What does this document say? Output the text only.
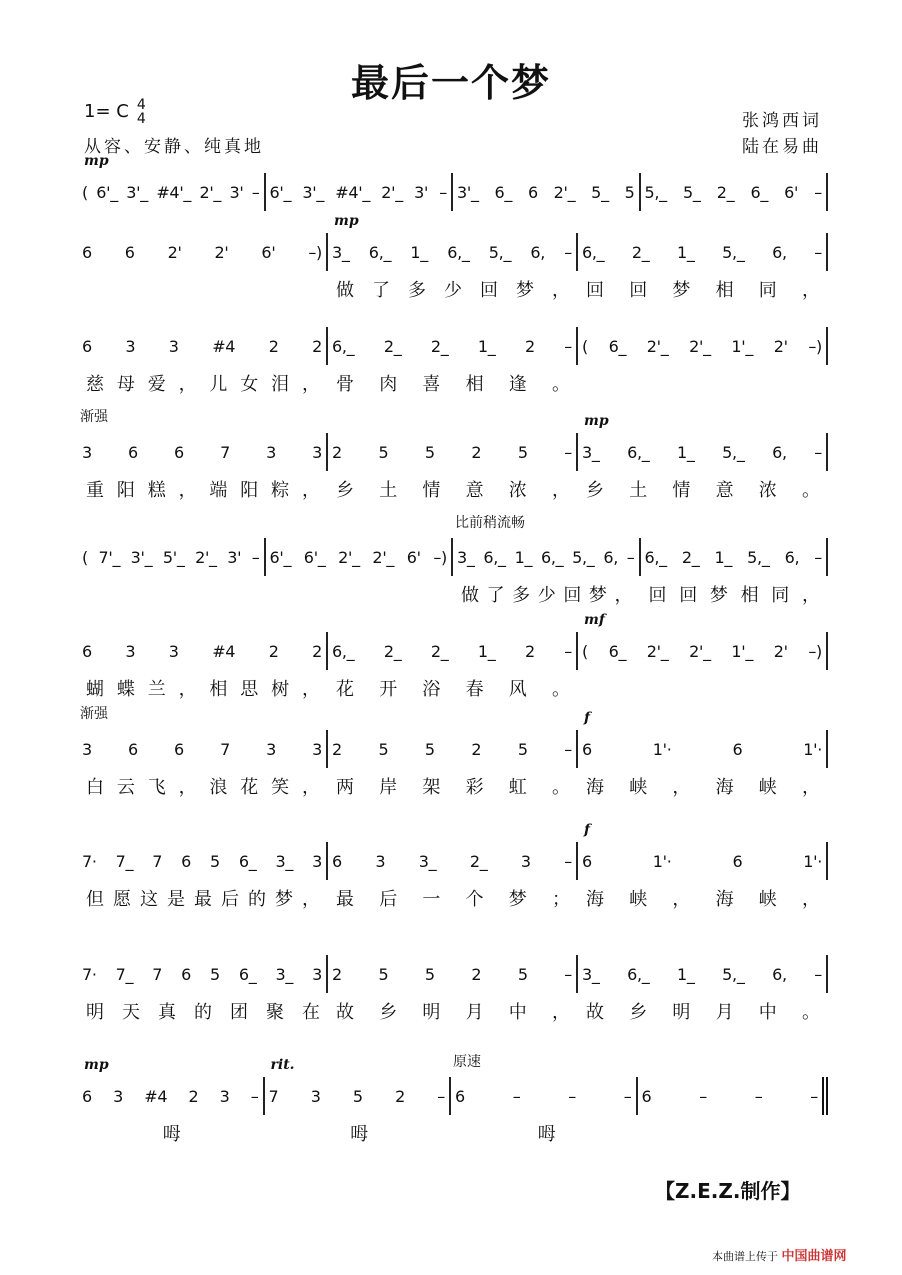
最后一个梦
1= C 4
4
从容、安静、纯真地
张鸿西词
陆在易曲
mp
( 6'_ 3'_ #4'_ 2'_ 3' – 6'_ 3'_ #4'_ 2'_ 3' – 3'_ 6_ 6 2'_ 5_ 5 5,_ 5_ 2_ 6_ 6' –
6 6 2' 2' 6' –)
mp
3_ 6,_ 1_ 6,_ 5,_ 6, – 6,_ 2_ 1_ 5,_ 6, –
做了多少回梦， 回回梦相同，
6 3 3 #4 2 2 6,_ 2_ 2_ 1_ 2 – ( 6_ 2'_ 2'_ 1'_ 2' –)
慈母爱，儿女泪， 骨肉喜相逢。
渐强
3 6 6 7 3 3 2 5 5 2 5 –
mp
3_ 6,_ 1_ 5,_ 6, –
重阳糕，端阳粽， 乡土情意浓， 乡土情意浓。
( 7'_ 3'_ 5'_ 2'_ 3' – 6'_ 6'_ 2'_ 2'_ 6' –)
比前稍流畅
3_ 6,_ 1_ 6,_ 5,_ 6, – 6,_ 2_ 1_ 5,_ 6, –
做了多少回梦， 回回梦相同，
6 3 3 #4 2 2 6,_ 2_ 2_ 1_ 2 –
mf
( 6_ 2'_ 2'_ 1'_ 2' –)
蝴蝶兰，相思树， 花开浴春风。
渐强
3 6 6 7 3 3 2 5 5 2 5 –
f
6 1'· 6 1'·
白云飞，浪花笑， 两岸架彩虹。 海峡，海峡，
7· 7_ 7 6 5 6_ 3_ 3 6 3 3_ 2_ 3 –
f
6 1'· 6 1'·
但愿这是最后的梦， 最后一个梦； 海峡，海峡，
7· 7_ 7 6 5 6_ 3_ 3 2 5 5 2 5 – 3_ 6,_ 1_ 5,_ 6, –
明天真的团聚在 故乡明月中， 故乡明月中。
mp
6 3 #4 2 3 –
rit.
7 3 5 2 –
原速
6 – – – 6 – – –
呣	呣	呣
【Z.E.Z.制作】
本曲谱上传于 中国曲谱网
